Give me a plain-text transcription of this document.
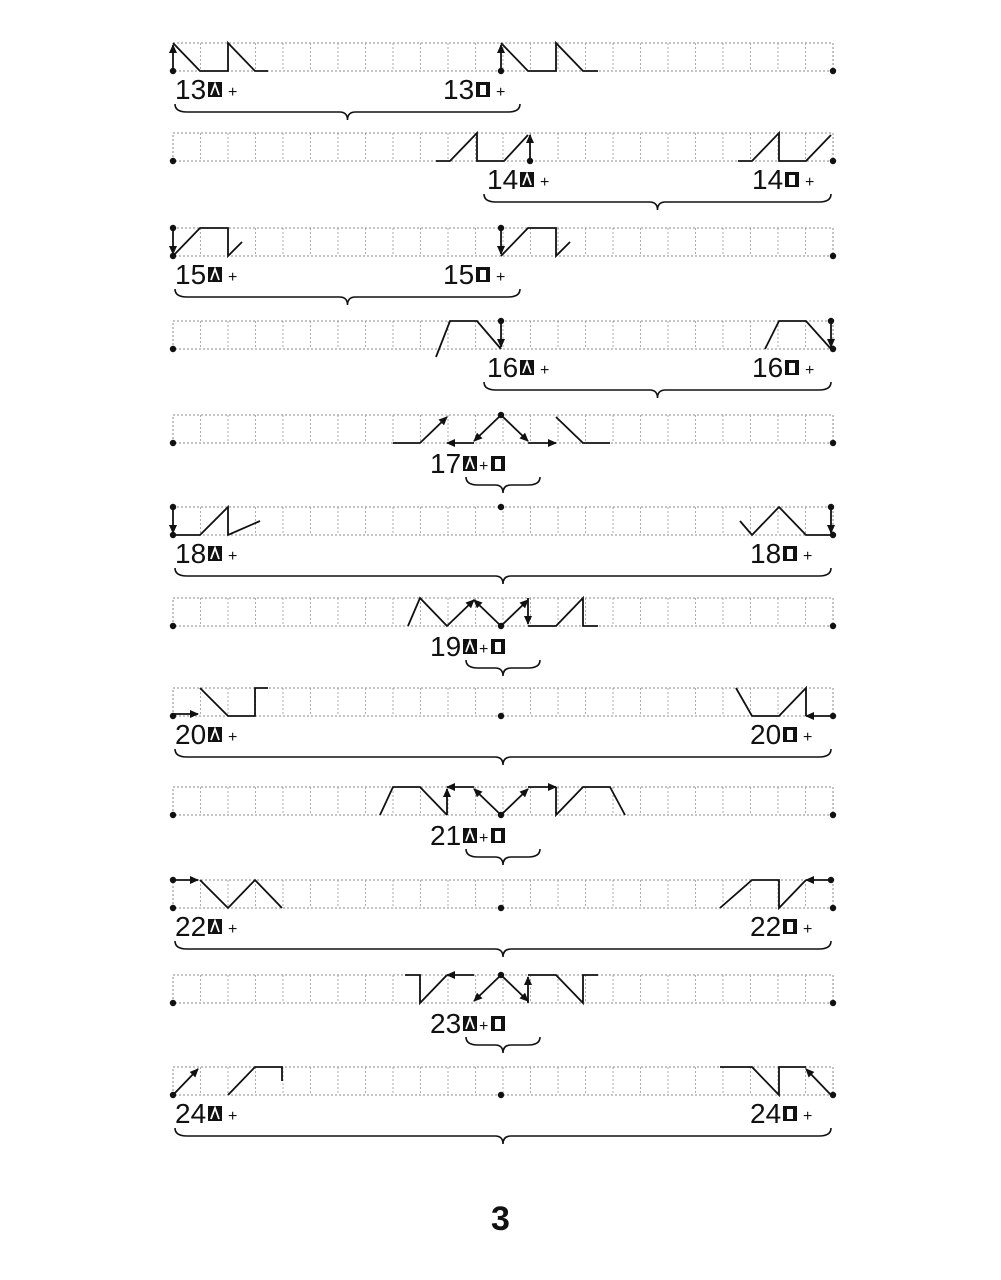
13 +	13 +
14 +	14 +
15 +	15 +
16 +	16 +
17 +
18 +	18 +
19 +
20 +	20 +
21 +
22 +	22 +
23 +
24 +	24 +
3
